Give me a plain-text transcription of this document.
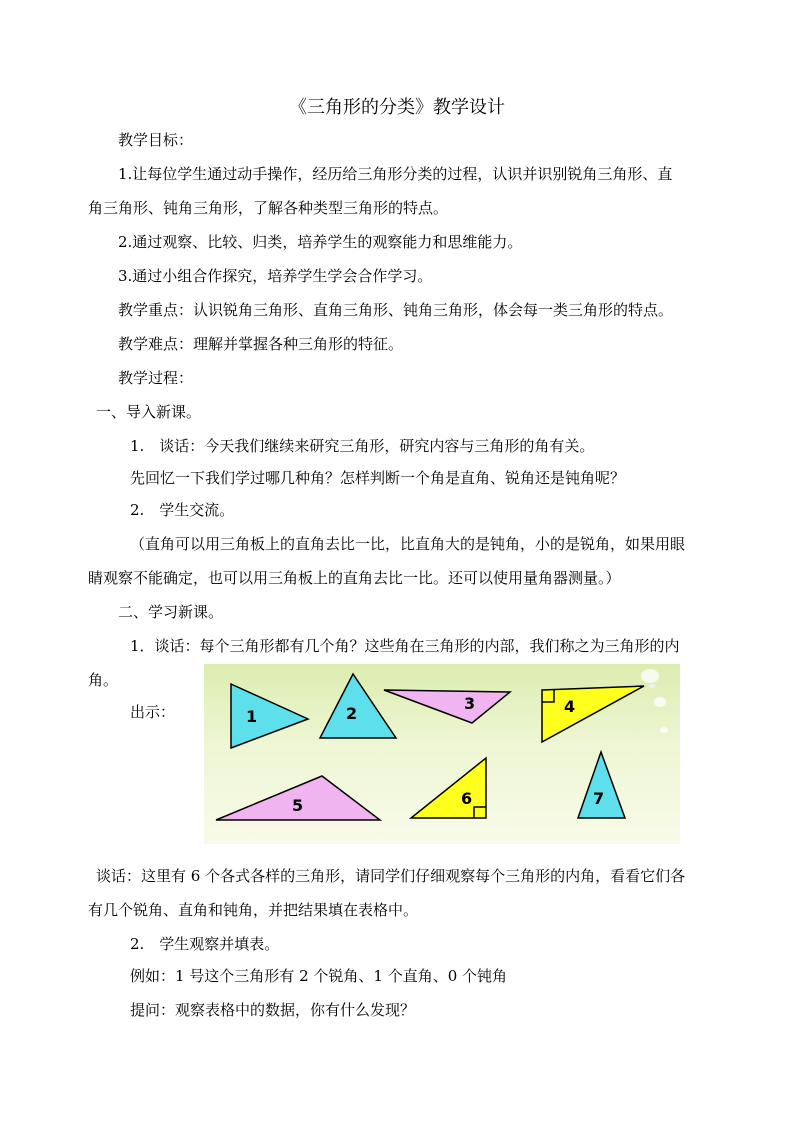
《三角形的分类》教学设计
教学目标：
1.让每位学生通过动手操作，经历给三角形分类的过程，认识并识别锐角三角形、直
角三角形、钝角三角形，了解各种类型三角形的特点。
2.通过观察、比较、归类，培养学生的观察能力和思维能力。
3.通过小组合作探究，培养学生学会合作学习。
教学重点：认识锐角三角形、直角三角形、钝角三角形，体会每一类三角形的特点。
教学难点：理解并掌握各种三角形的特征。
教学过程：
一、导入新课。
1.　谈话：今天我们继续来研究三角形，研究内容与三角形的角有关。
先回忆一下我们学过哪几种角？怎样判断一个角是直角、锐角还是钝角呢？
2.　学生交流。
（直角可以用三角板上的直角去比一比，比直角大的是钝角，小的是锐角，如果用眼
睛观察不能确定，也可以用三角板上的直角去比一比。还可以使用量角器测量。）
二、学习新课。
1．谈话：每个三角形都有几个角？这些角在三角形的内部，我们称之为三角形的内
角。
出示：	1	2
3	4
5	6	7
谈话：这里有 6 个各式各样的三角形，请同学们仔细观察每个三角形的内角，看看它们各
有几个锐角、直角和钝角，并把结果填在表格中。
2.　学生观察并填表。
例如：1 号这个三角形有 2 个锐角、1 个直角、0 个钝角
提问：观察表格中的数据，你有什么发现？
